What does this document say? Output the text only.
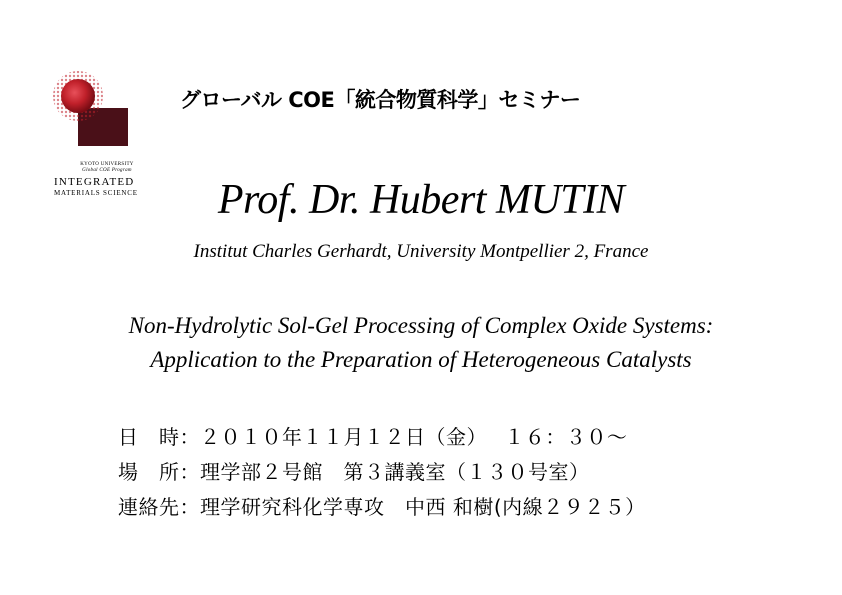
KYOTO UNIVERSITY
Global COE Program
INTEGRATED
MATERIALS SCIENCE
グローバル COE「統合物質科学」セミナー
Prof. Dr. Hubert MUTIN
Institut Charles Gerhardt, University Montpellier 2, France
Non-Hydrolytic Sol-Gel Processing of Complex Oxide Systems:
Application to the Preparation of Heterogeneous Catalysts
日　時：２０１０年１１月１２日（金）　 １６：３０～
場　所：理学部２号館　第３講義室（１３０号室）
連絡先：理学研究科化学専攻　中西 和樹(内線２９２５）
